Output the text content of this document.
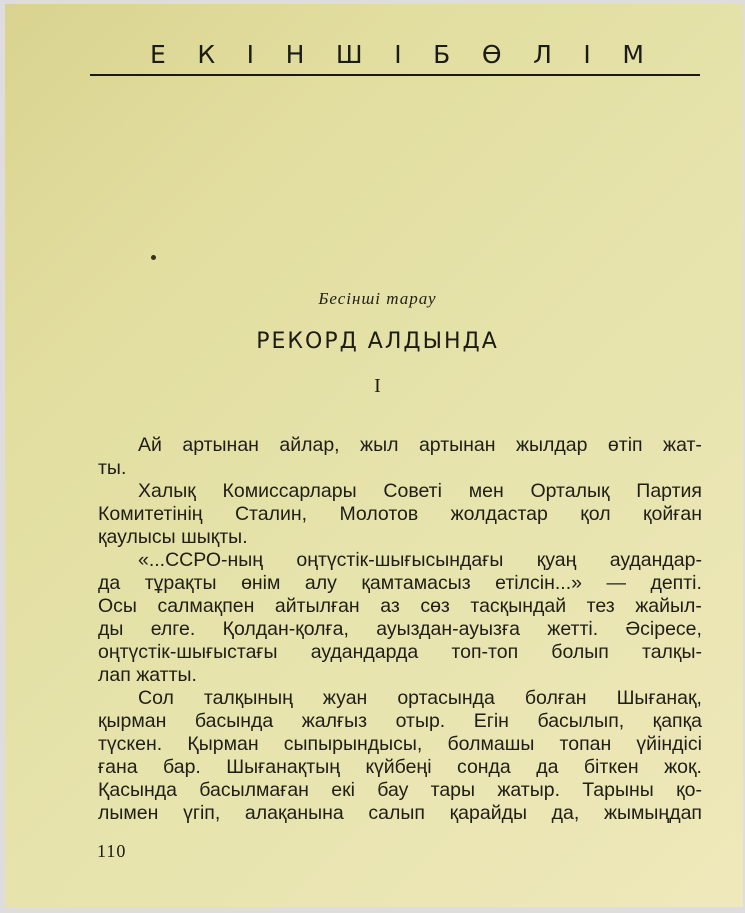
Е К І Н Ш І Б Ө Л І М
Бесінші тарау
РЕКОРД АЛДЫНДА
I
Ай артынан айлар, жыл артынан жылдар өтіп жат-
ты.
Халық Комиссарлары Советі мен Орталық Партия
Комитетінің Сталин, Молотов жолдастар қол қойған
қаулысы шықты.
«...ССРО-ның оңтүстік-шығысындағы қуаң аудандар-
да тұрақты өнім алу қамтамасыз етілсін...» — депті.
Осы салмақпен айтылған аз сөз тасқындай тез жайыл-
ды елге. Қолдан-қолға, ауыздан-ауызға жетті. Әсіресе,
оңтүстік-шығыстағы аудандарда топ-топ болып талқы-
лап жатты.
Сол талқының жуан ортасында болған Шығанақ,
қырман басында жалғыз отыр. Егін басылып, қапқа
түскен. Қырман сыпырындысы, болмашы топан үйіндісі
ғана бар. Шығанақтың күйбеңі сонда да біткен жоқ.
Қасында басылмаған екі бау тары жатыр. Тарыны қо-
лымен үгіп, алақанына салып қарайды да, жымыңдап
110
